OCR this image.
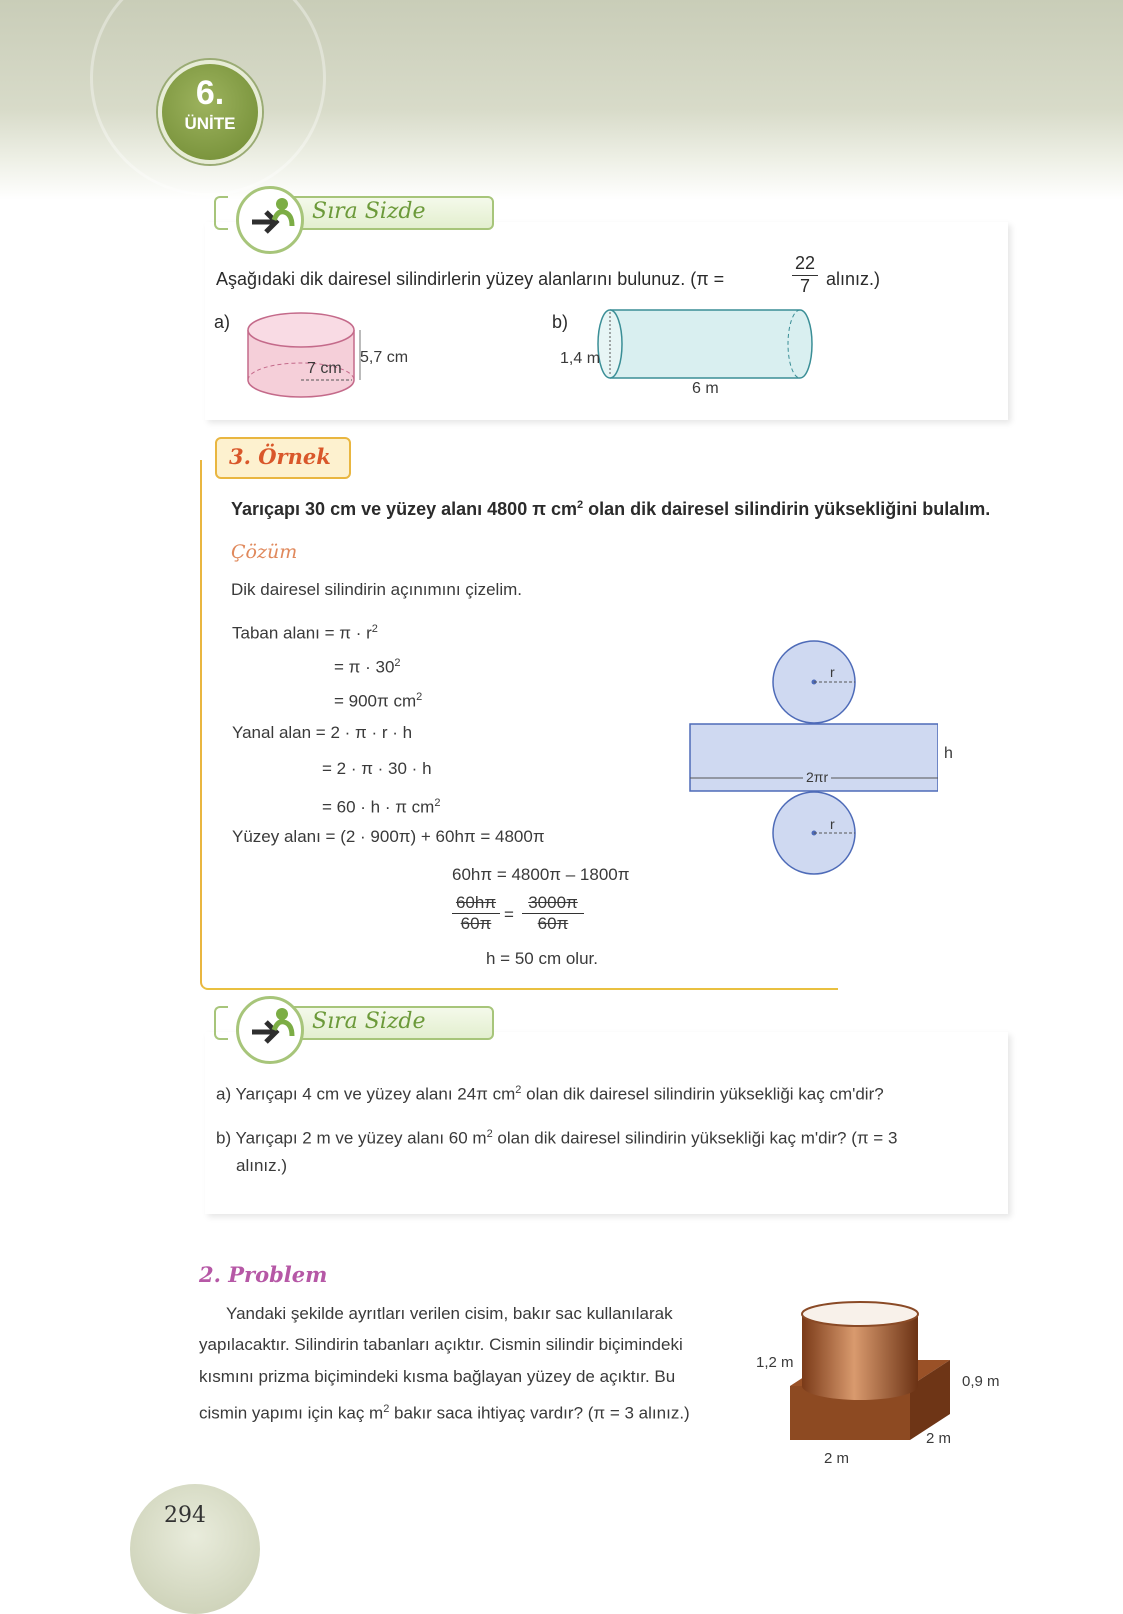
6.
ÜNİTE
Sıra Sizde
Aşağıdaki dik dairesel silindirlerin yüzey alanlarını bulunuz. (π =	$\frac{22}{7}$ alınız.)
a)
7 cm
5,7 cm
b)
1,4 m
6 m
3. Örnek
Yarıçapı 30 cm ve yüzey alanı 4800 π $cm^2$ olan dik dairesel silindirin yüksekliğini bulalım.
Çözüm
Dik dairesel silindirin açınımını çizelim.
Taban alanı = $\pi \cdot r^2$
= $\pi \cdot 30^2$
= 900π $cm^2$
Yanal alan = 2 · π · r · h
= 2 · π · 30 · h
= 60 · h · π $cm^2$
Yüzey alanı = (2 · 900π) + 60hπ = 4800π
60hπ = 4800π – 1800π
$\frac{60h\pi}{60\pi} = \frac{3000\pi}{60\pi}$
h = 50 cm olur.
r
h
2πr
r
Sıra Sizde
a) Yarıçapı 4 cm ve yüzey alanı 24π $cm^2$ olan dik dairesel silindirin yüksekliği kaç cm'dir?
b) Yarıçapı 2 m ve yüzey alanı 60 $m^2$ olan dik dairesel silindirin yüksekliği kaç m'dir? (π = 3
alınız.)
2. Problem
Yandaki şekilde ayrıtları verilen cisim, bakır sac kullanılarak
yapılacaktır. Silindirin tabanları açıktır. Cismin silindir biçimindeki
kısmını prizma biçimindeki kısma bağlayan yüzey de açıktır. Bu
cismin yapımı için kaç $m^2$ bakır saca ihtiyaç vardır? (π = 3 alınız.)
1,2 m
0,9 m
2 m
2 m
294
